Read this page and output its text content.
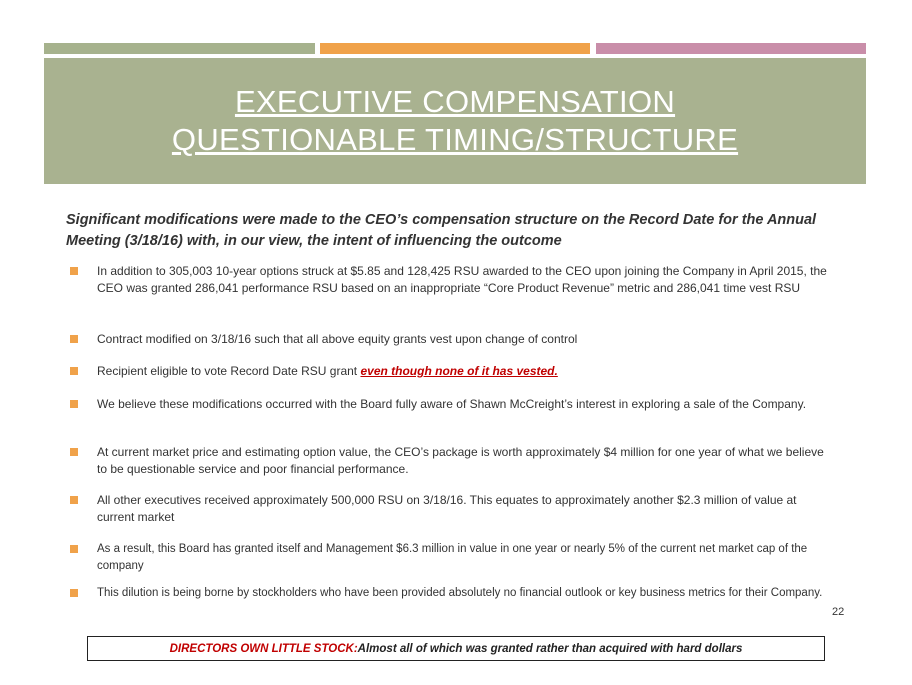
EXECUTIVE COMPENSATION
QUESTIONABLE TIMING/STRUCTURE
Significant modifications were made to the CEO’s compensation structure on the Record Date for the Annual Meeting (3/18/16) with, in our view, the intent of influencing the outcome
In addition to 305,003 10-year options struck at $5.85 and 128,425 RSU awarded to the CEO upon joining the Company in April 2015, the CEO was granted 286,041 performance RSU based on an inappropriate “Core Product Revenue” metric and 286,041 time vest RSU
Contract modified on 3/18/16 such that all above equity grants vest upon change of control
Recipient eligible to vote Record Date RSU grant even though none of it has vested.
We believe these modifications occurred with the Board fully aware of Shawn McCreight’s interest in exploring a sale of the Company.
At current market price and estimating option value, the CEO’s package is worth approximately $4 million for one year of what we believe to be questionable service and poor financial performance.
All other executives received approximately 500,000 RSU on 3/18/16. This equates to approximately another $2.3 million of value at current market
As a result, this Board has granted itself and Management $6.3 million in value in one year or nearly 5% of the current net market cap of the company
This dilution is being borne by stockholders who have been provided absolutely no financial outlook or key business metrics for their Company.
22
DIRECTORS OWN LITTLE STOCK: Almost all of which was granted rather than acquired with hard dollars
